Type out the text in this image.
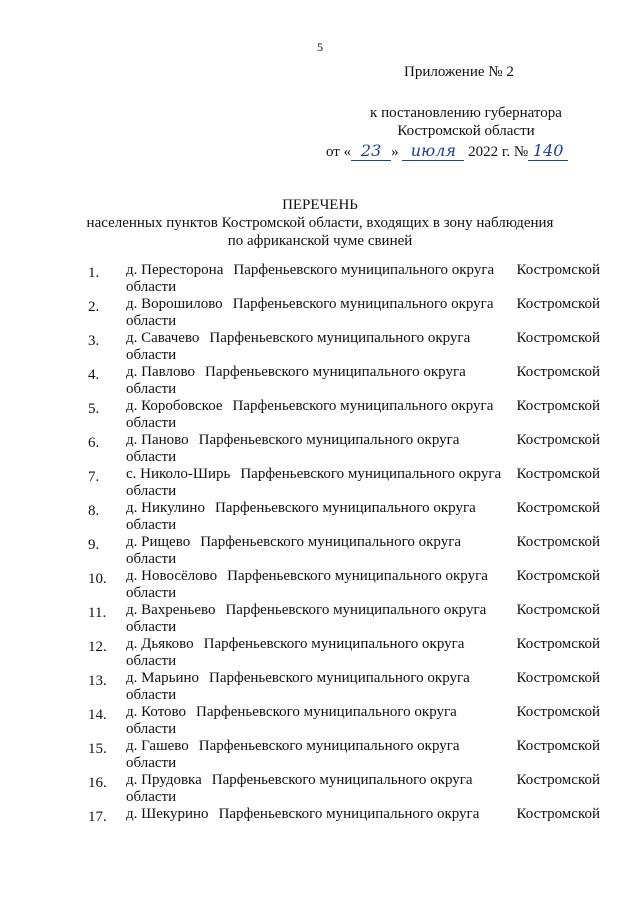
5
Приложение № 2
к постановлению губернатора
Костромской области
от « 23 » июля 2022 г. № 140
ПЕРЕЧЕНЬ
населенных пунктов Костромской области, входящих в зону наблюдения
по африканской чуме свиней
1.	д. Пересторона Парфеньевского муниципального округа Костромской
области
2.	д. Ворошилово Парфеньевского муниципального округа Костромской
области
3.	д. Савачево Парфеньевского муниципального округа	Костромской
области
4.	д. Павлово Парфеньевского муниципального округа	Костромской
области
5.	д. Коробовское Парфеньевского муниципального округа Костромской
области
6.	д. Паново Парфеньевского муниципального округа	Костромской
области
7.	с. Николо-Ширь Парфеньевского муниципального округа Костромской
области
8.	д. Никулино Парфеньевского муниципального округа	Костромской
области
9.	д. Рищево Парфеньевского муниципального округа	Костромской
области
10.	д. Новосёлово Парфеньевского муниципального округа Костромской
области
11.	д. Вахреньево Парфеньевского муниципального округа Костромской
области
12.	д. Дьяково Парфеньевского муниципального округа	Костромской
области
13.	д. Марьино Парфеньевского муниципального округа	Костромской
области
14.	д. Котово Парфеньевского муниципального округа	Костромской
области
15.	д. Гашево Парфеньевского муниципального округа	Костромской
области
16.	д. Прудовка Парфеньевского муниципального округа	Костромской
области
17.	д. Шекурино Парфеньевского муниципального округа Костромской
